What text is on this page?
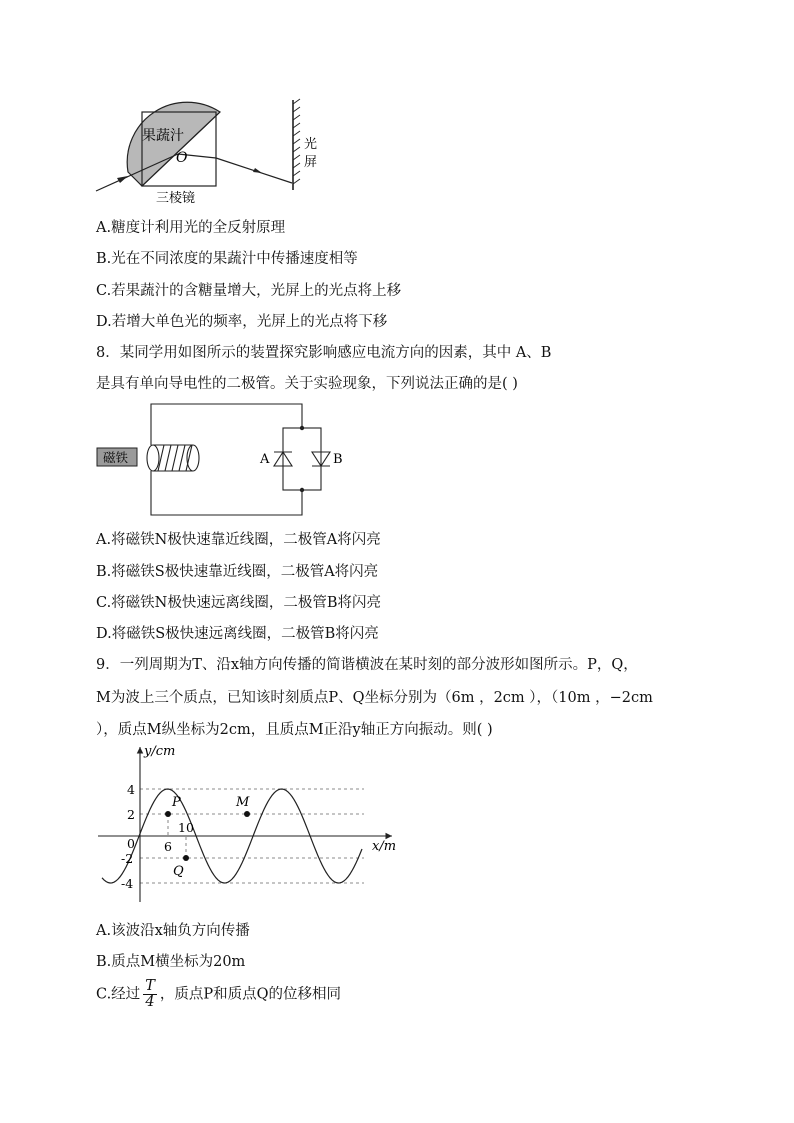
果蔬汁
O
三棱镜
光
屏
A.糖度计利用光的全反射原理
B.光在不同浓度的果蔬汁中传播速度相等
C.若果蔬汁的含糖量增大，光屏上的光点将上移
D.若增大单色光的频率，光屏上的光点将下移
8．某同学用如图所示的装置探究影响感应电流方向的因素，其中 A、B
是具有单向导电性的二极管。关于实验现象，下列说法正确的是( )
磁铁	A	B
A.将磁铁N极快速靠近线圈，二极管A将闪亮
B.将磁铁S极快速靠近线圈，二极管A将闪亮
C.将磁铁N极快速远离线圈，二极管B将闪亮
D.将磁铁S极快速远离线圈，二极管B将闪亮
9．一列周期为T、沿x轴方向传播的简谐横波在某时刻的部分波形如图所示。P，Q，
M为波上三个质点，已知该时刻质点P、Q坐标分别为（6m ，2cm ），（10m ，−2cm
），质点M纵坐标为2cm，且质点M正沿y轴正方向振动。则( )
y/cm
x/m
4
2
0
-2
-4
6
10
P
Q
M
A.该波沿x轴负方向传播
B.质点M横坐标为20m
C.经过 $\frac{T}{4}$ ，质点P和质点Q的位移相同
